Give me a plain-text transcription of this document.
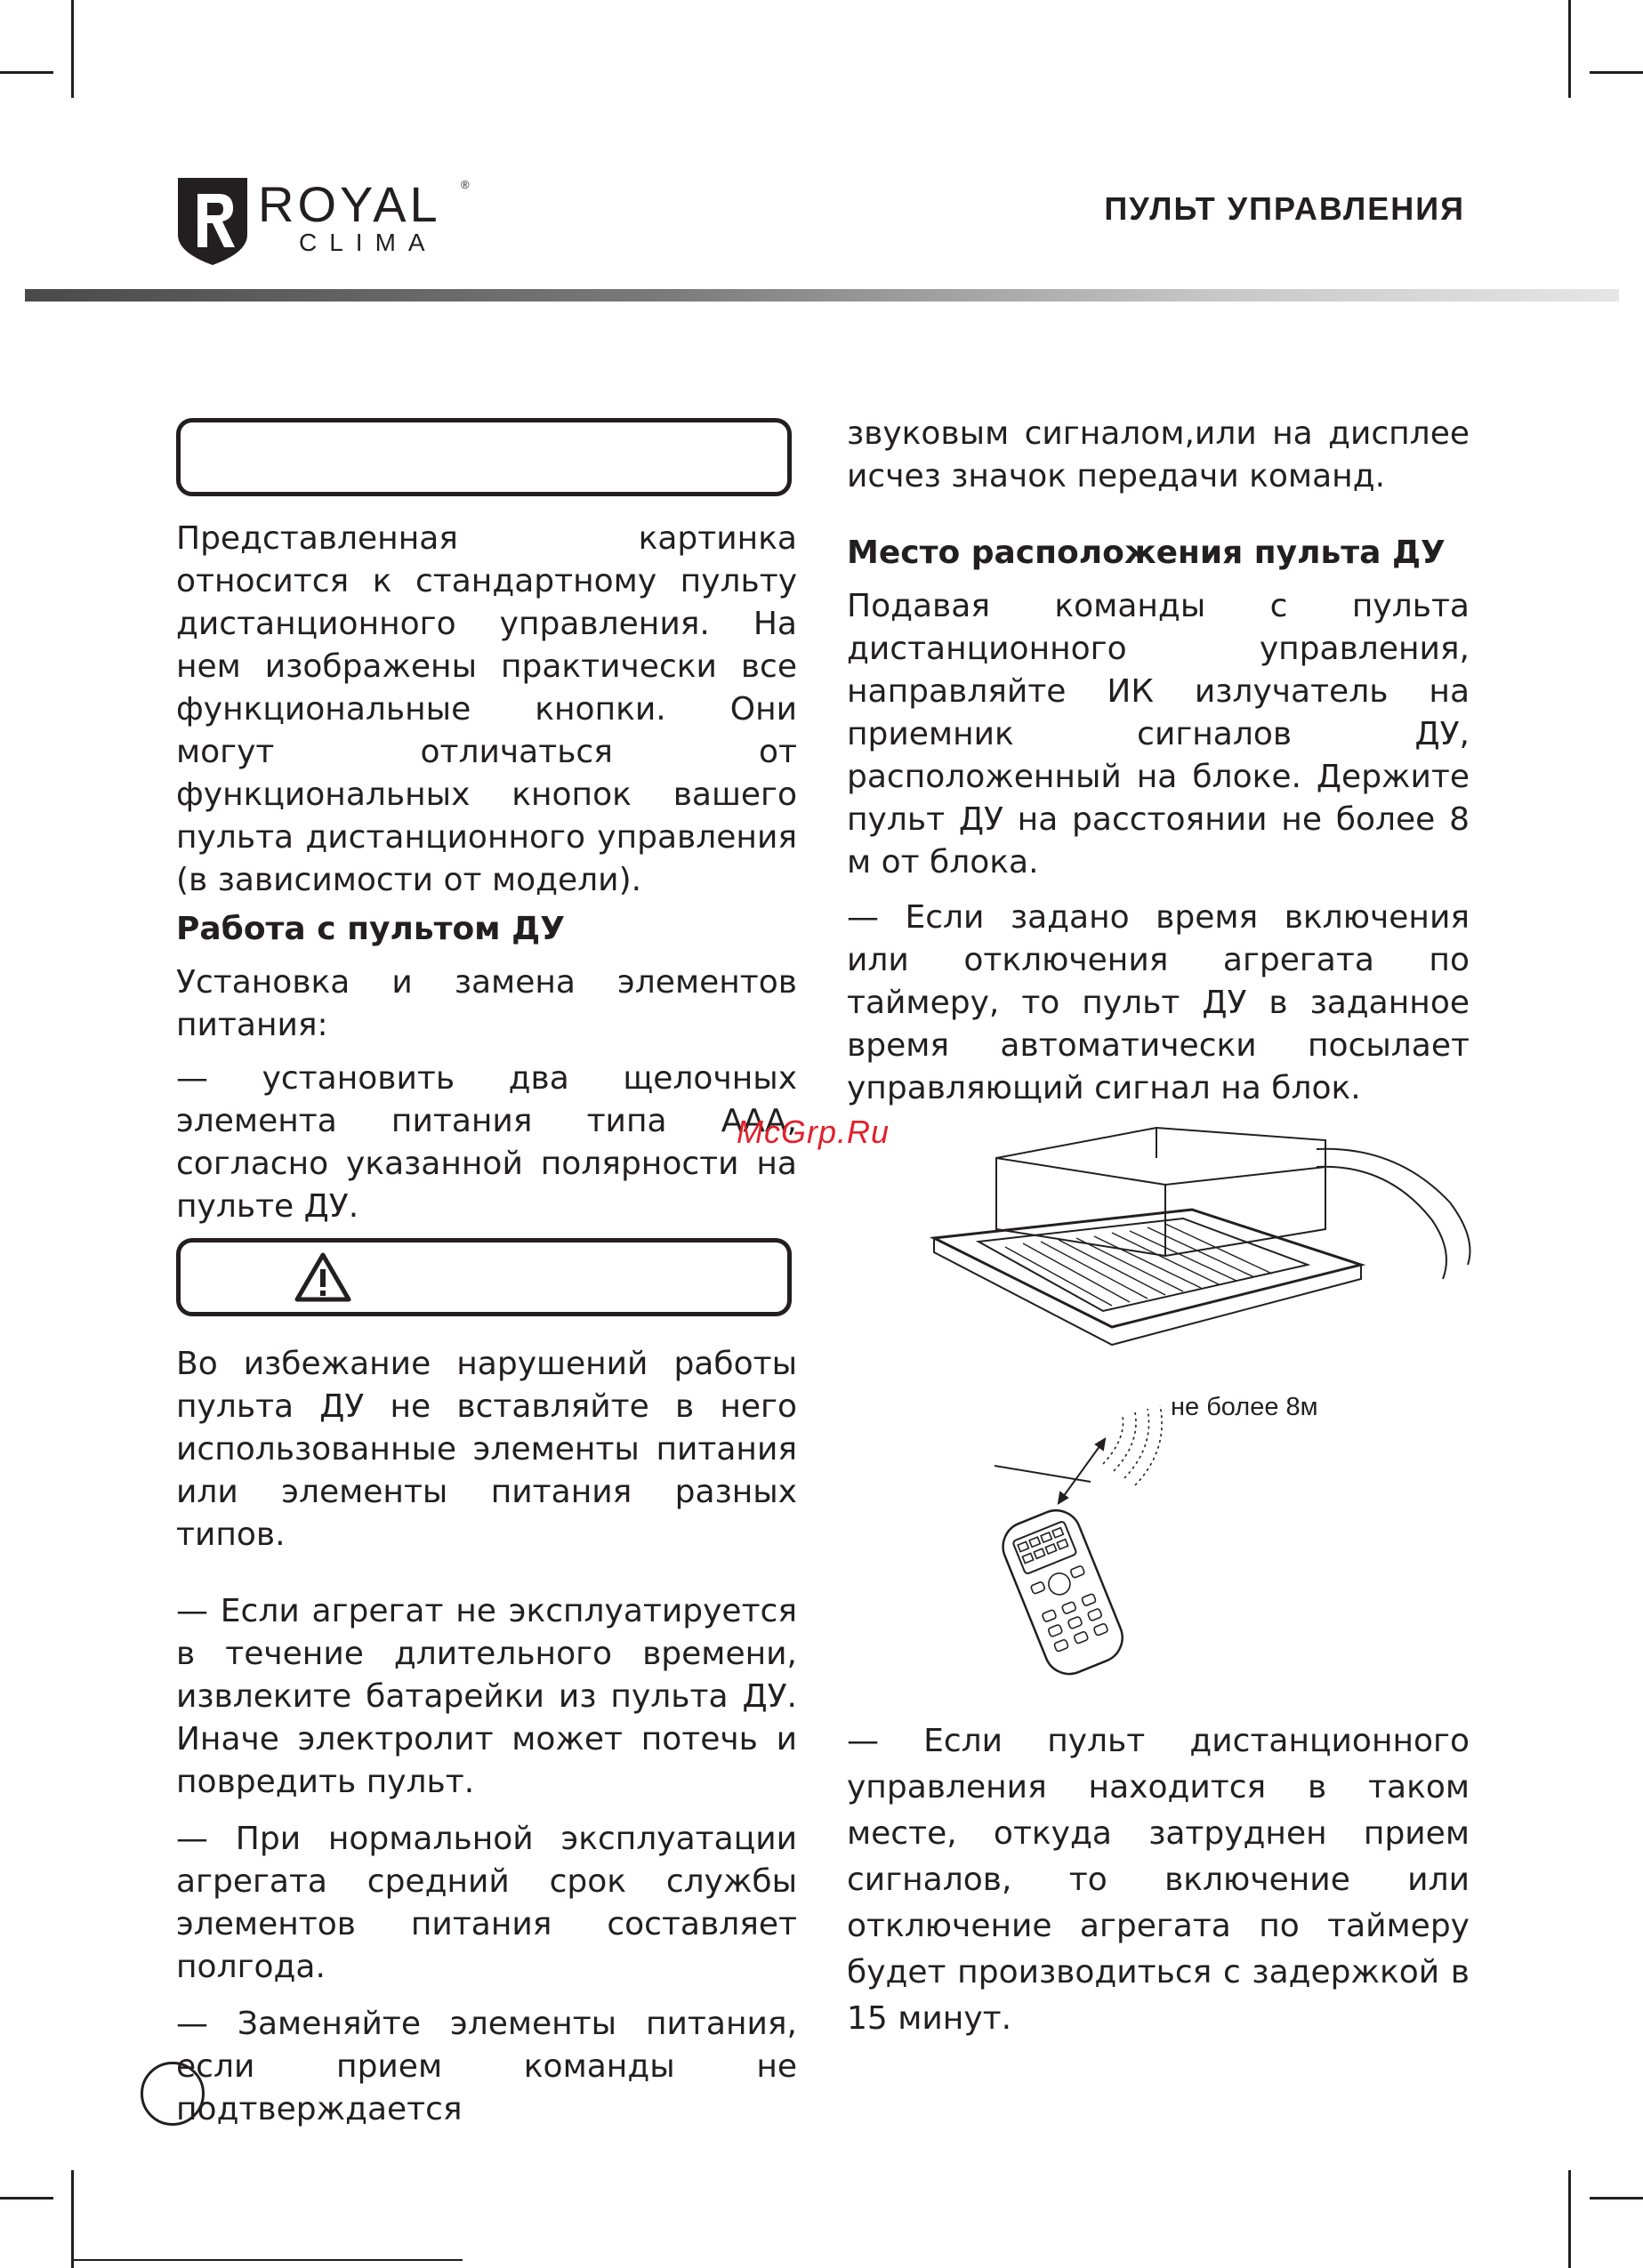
ROYAL ®
CLIMA
ПУЛЬТ УПРАВЛЕНИЯ

Представленная картинка относится к стандартному пульту дистанционного управления. На нем изображены практически все функциональные кнопки. Они могут отличаться от функциональных кнопок вашего пульта дистанционного управления (в зависимости от модели).

Работа с пультом ДУ

Установка и замена элементов питания:

— установить два щелочных элемента питания типа ААА, согласно указанной полярности на пульте ДУ.

Во избежание нарушений работы пульта ДУ не вставляйте в него использованные элементы питания или элементы питания разных типов.

— Если агрегат не эксплуатируется в течение длительного времени, извлеките батарейки из пульта ДУ. Иначе электролит может потечь и повредить пульт.

— При нормальной эксплуатации агрегата средний срок службы элементов питания составляет полгода.

— Заменяйте элементы питания, если прием команды не подтверждается

звуковым сигналом,или на дисплее исчез значок передачи команд.

Место расположения пульта ДУ

Подавая команды с пульта дистанционного управления, направляйте ИК излучатель на приемник сигналов ДУ, расположенный на блоке. Держите пульт ДУ на расстоянии не более 8 м от блока.

— Если задано время включения или отключения агрегата по таймеру, то пульт ДУ в заданное время автоматически посылает управляющий сигнал на блок.

не более 8м

— Если пульт дистанционного управления находится в таком месте, откуда затруднен прием сигналов, то включение или отключение агрегата по таймеру будет производиться с задержкой в 15 минут.

McGrp.Ru
